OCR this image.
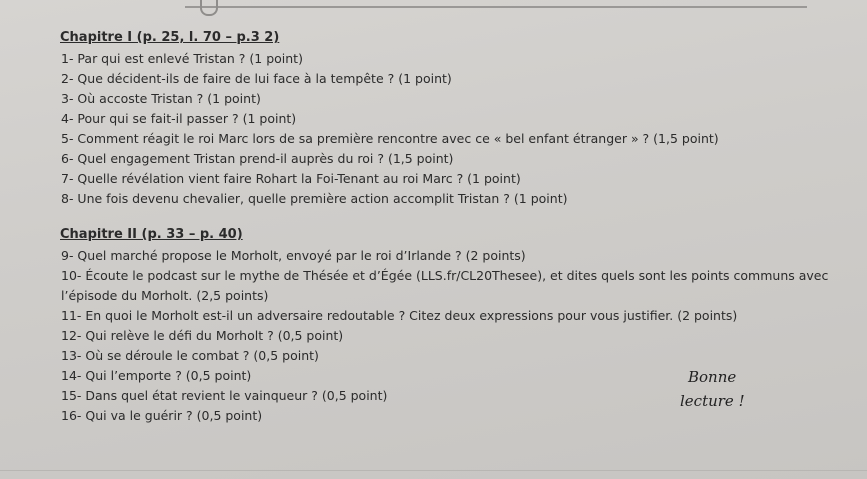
Chapitre I (p. 25, l. 70 – p.3 2)
1- Par qui est enlevé Tristan ? (1 point)
2- Que décident-ils de faire de lui face à la tempête ? (1 point)
3- Où accoste Tristan ? (1 point)
4- Pour qui se fait-il passer ? (1 point)
5- Comment réagit le roi Marc lors de sa première rencontre avec ce « bel enfant étranger » ? (1,5 point)
6- Quel engagement Tristan prend-il auprès du roi ? (1,5 point)
7- Quelle révélation vient faire Rohart la Foi-Tenant au roi Marc ? (1 point)
8- Une fois devenu chevalier, quelle première action accomplit Tristan ? (1 point)
Chapitre II (p. 33 – p. 40)
9- Quel marché propose le Morholt, envoyé par le roi d’Irlande ? (2 points)
10- Écoute le podcast sur le mythe de Thésée et d’Égée (LLS.fr/CL20Thesee), et dites quels sont les points communs avec l’épisode du Morholt. (2,5 points)
11- En quoi le Morholt est-il un adversaire redoutable ? Citez deux expressions pour vous justifier. (2 points)
12- Qui relève le défi du Morholt ? (0,5 point)
13- Où se déroule le combat ? (0,5 point)
14- Qui l’emporte ? (0,5 point)
15- Dans quel état revient le vainqueur ? (0,5 point)
16- Qui va le guérir ? (0,5 point)
Bonne
lecture !
